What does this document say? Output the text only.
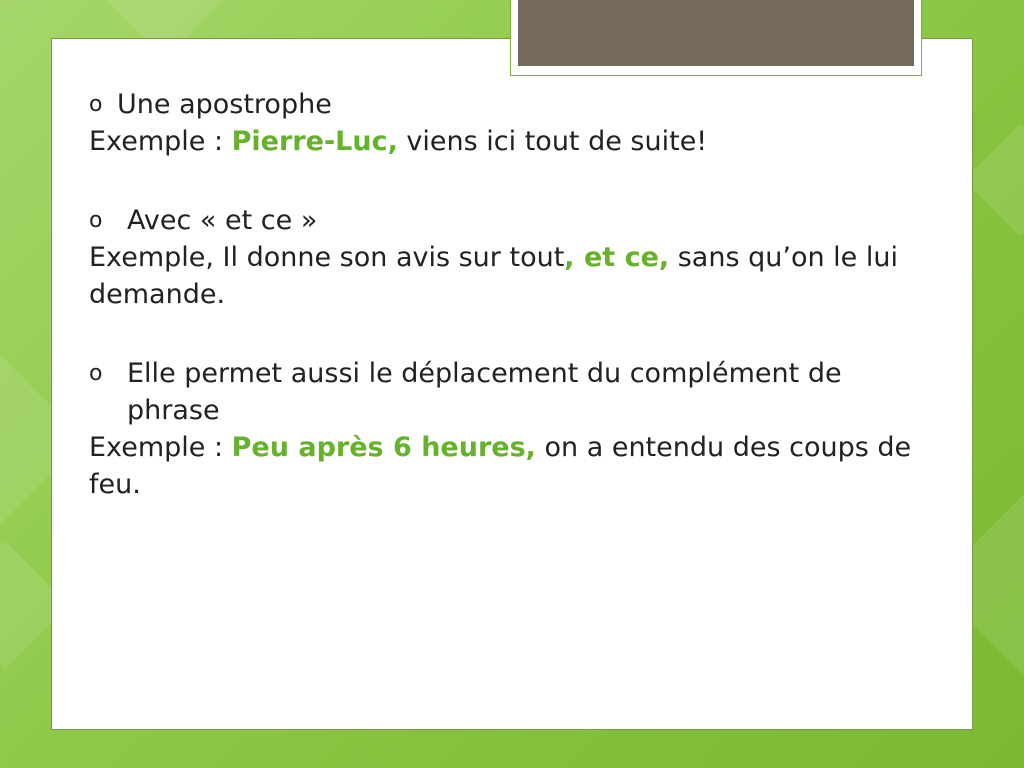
o Une apostrophe
Exemple : Pierre-Luc, viens ici tout de suite!
o Avec « et ce »
Exemple, Il donne son avis sur tout, et ce, sans qu’on le lui demande.
o Elle permet aussi le déplacement du complément de phrase
Exemple : Peu après 6 heures, on a entendu des coups de feu.
